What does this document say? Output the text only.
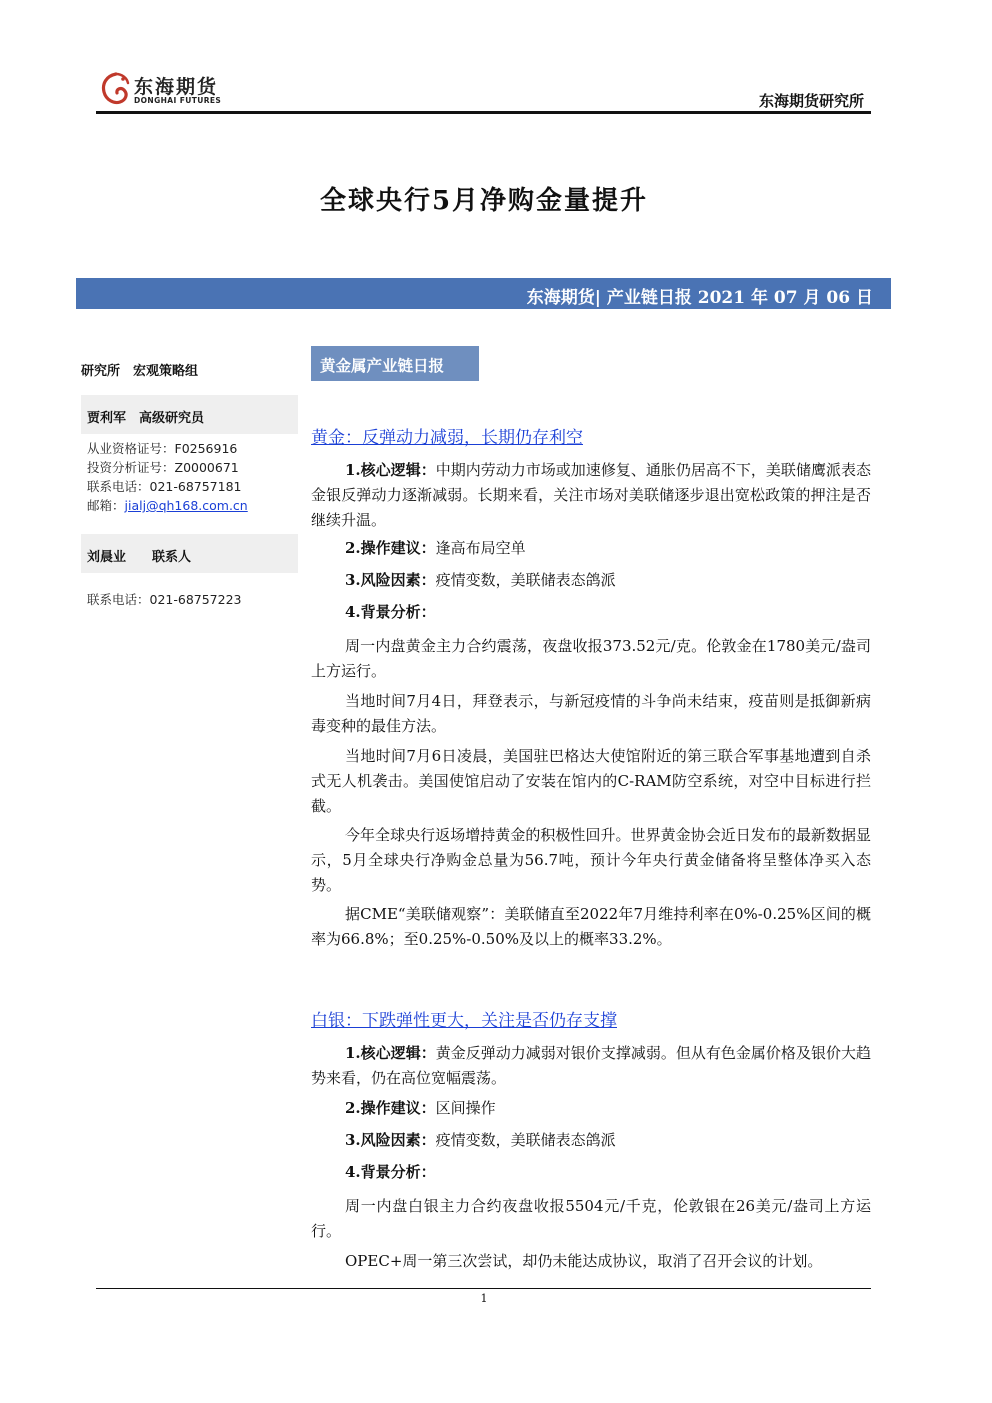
东海期货
DONGHAI FUTURES	东海期货研究所
全球央行5月净购金量提升
东海期货| 产业链日报 2021 年 07 月 06 日
研究所　宏观策略组
贾利军　高级研究员
从业资格证号：F0256916
投资分析证号：Z0000671
联系电话：021-68757181
邮箱：jialj@qh168.com.cn
刘晨业　　联系人
联系电话：021-68757223
黄金属产业链日报
黄金：反弹动力减弱，长期仍存利空
1.核心逻辑：中期内劳动力市场或加速修复、通胀仍居高不下，美联储鹰派表态金银反弹动力逐渐减弱。长期来看，关注市场对美联储逐步退出宽松政策的押注是否继续升温。
2.操作建议：逢高布局空单
3.风险因素：疫情变数，美联储表态鸽派
4.背景分析：
周一内盘黄金主力合约震荡，夜盘收报373.52元/克。伦敦金在1780美元/盎司上方运行。
当地时间7月4日，拜登表示，与新冠疫情的斗争尚未结束，疫苗则是抵御新病毒变种的最佳方法。
当地时间7月6日凌晨，美国驻巴格达大使馆附近的第三联合军事基地遭到自杀式无人机袭击。美国使馆启动了安装在馆内的C-RAM防空系统，对空中目标进行拦截。
今年全球央行返场增持黄金的积极性回升。世界黄金协会近日发布的最新数据显示，5月全球央行净购金总量为56.7吨，预计今年央行黄金储备将呈整体净买入态势。
据CME“美联储观察”：美联储直至2022年7月维持利率在0%-0.25%区间的概率为66.8%；至0.25%-0.50%及以上的概率33.2%。
白银：下跌弹性更大，关注是否仍存支撑
1.核心逻辑：黄金反弹动力减弱对银价支撑减弱。但从有色金属价格及银价大趋势来看，仍在高位宽幅震荡。
2.操作建议：区间操作
3.风险因素：疫情变数，美联储表态鸽派
4.背景分析：
周一内盘白银主力合约夜盘收报5504元/千克，伦敦银在26美元/盎司上方运行。
OPEC+周一第三次尝试，却仍未能达成协议，取消了召开会议的计划。
1
